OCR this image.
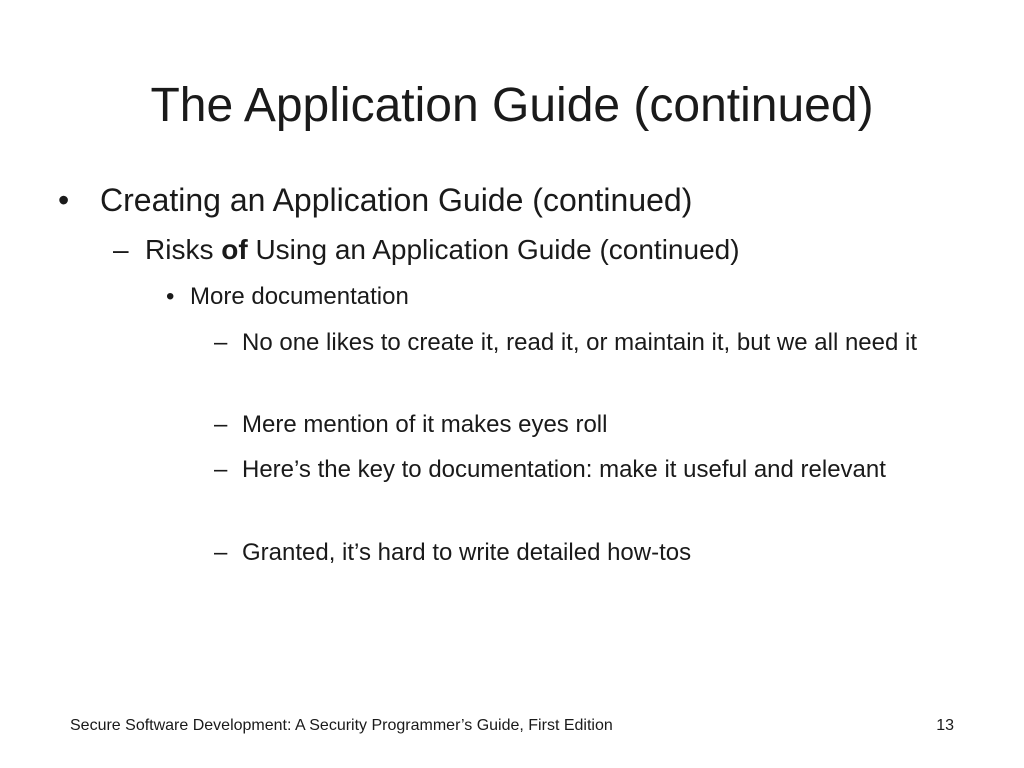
The Application Guide (continued)
• Creating an Application Guide (continued)
– Risks of Using an Application Guide (continued)
• More documentation
– No one likes to create it, read it, or maintain it, but we all need it
– Mere mention of it makes eyes roll
– Here’s the key to documentation: make it useful and relevant
– Granted, it’s hard to write detailed how-tos
Secure Software Development: A Security Programmer’s Guide, First Edition	13
